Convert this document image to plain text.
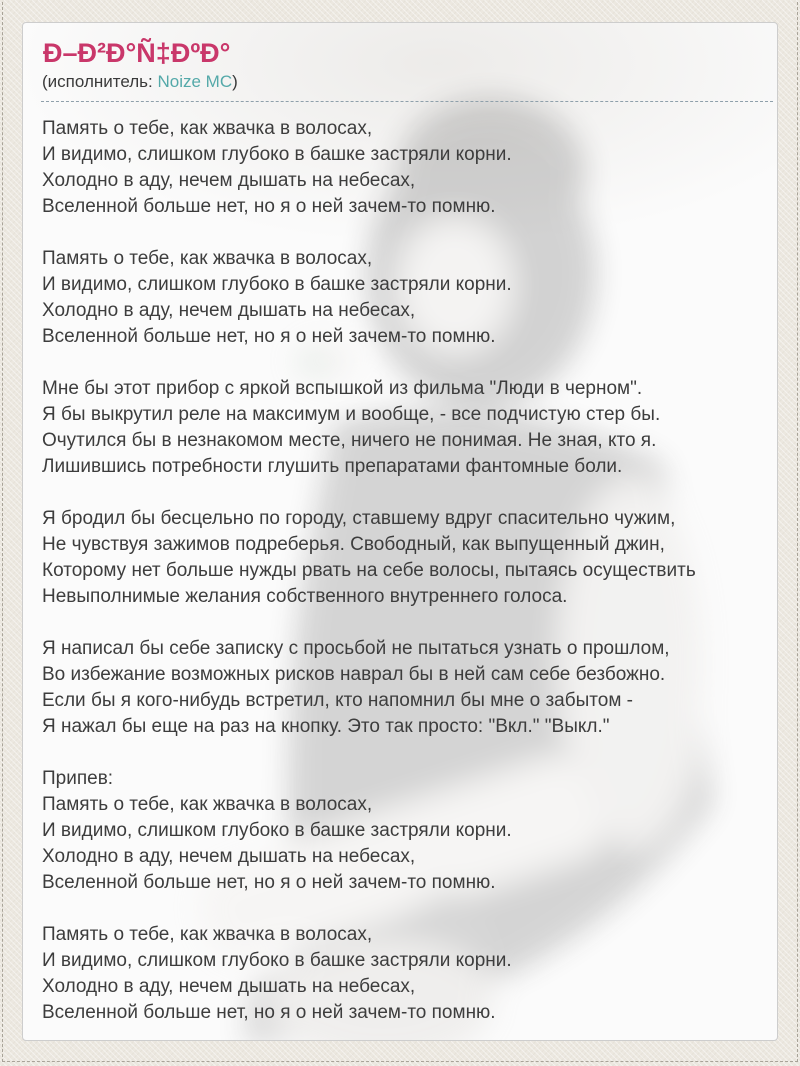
Ð–Ð²Ð°Ñ‡ÐºÐ°

(исполнитель: Noize MC)

Память о тебе, как жвачка в волосах,
И видимо, слишком глубоко в башке застряли корни.
Холодно в аду, нечем дышать на небесах,
Вселенной больше нет, но я о ней зачем-то помню.

Память о тебе, как жвачка в волосах,
И видимо, слишком глубоко в башке застряли корни.
Холодно в аду, нечем дышать на небесах,
Вселенной больше нет, но я о ней зачем-то помню.

Мне бы этот прибор с яркой вспышкой из фильма "Люди в черном".
Я бы выкрутил реле на максимум и вообще, - все подчистую стер бы.
Очутился бы в незнакомом месте, ничего не понимая. Не зная, кто я.
Лишившись потребности глушить препаратами фантомные боли.

Я бродил бы бесцельно по городу, ставшему вдруг спасительно чужим,
Не чувствуя зажимов подреберья. Свободный, как выпущенный джин,
Которому нет больше нужды рвать на себе волосы, пытаясь осуществить
Невыполнимые желания собственного внутреннего голоса.

Я написал бы себе записку с просьбой не пытаться узнать о прошлом,
Во избежание возможных рисков наврал бы в ней сам себе безбожно.
Если бы я кого-нибудь встретил, кто напомнил бы мне о забытом -
Я нажал бы еще на раз на кнопку. Это так просто: "Вкл." "Выкл."

Припев:
Память о тебе, как жвачка в волосах,
И видимо, слишком глубоко в башке застряли корни.
Холодно в аду, нечем дышать на небесах,
Вселенной больше нет, но я о ней зачем-то помню.

Память о тебе, как жвачка в волосах,
И видимо, слишком глубоко в башке застряли корни.
Холодно в аду, нечем дышать на небесах,
Вселенной больше нет, но я о ней зачем-то помню.
